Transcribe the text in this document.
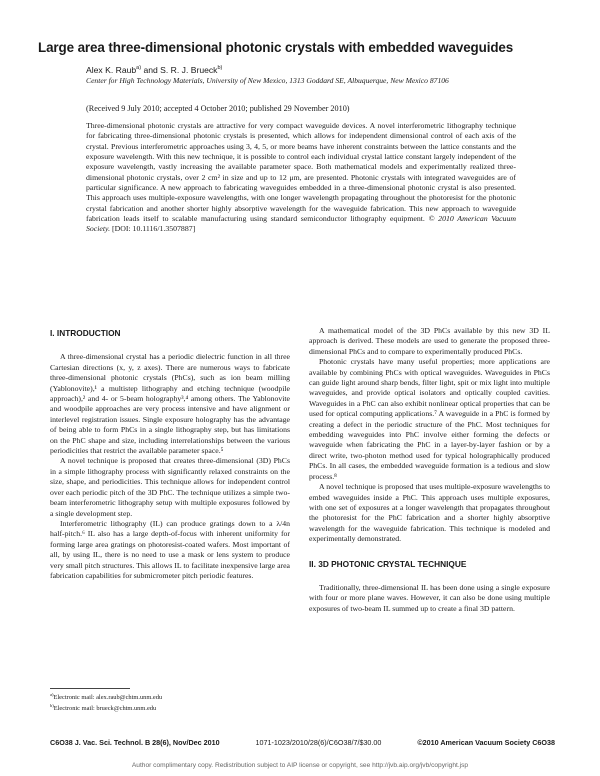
Large area three-dimensional photonic crystals with embedded waveguides
Alex K. Raub$^{a)}$ and S. R. J. Brueck$^{b)}$
Center for High Technology Materials, University of New Mexico, 1313 Goddard SE, Albuquerque, New Mexico 87106
(Received 9 July 2010; accepted 4 October 2010; published 29 November 2010)
Three-dimensional photonic crystals are attractive for very compact waveguide devices. A novel interferometric lithography technique for fabricating three-dimensional photonic crystals is presented, which allows for independent dimensional control of each axis of the crystal. Previous interferometric approaches using 3, 4, 5, or more beams have inherent constraints between the lattice constants and the exposure wavelength. With this new technique, it is possible to control each individual crystal lattice constant largely independent of the exposure wavelength, vastly increasing the available parameter space. Both mathematical models and experimentally realized three-dimensional photonic crystals, over 2 cm² in size and up to 12 μm, are presented. Photonic crystals with integrated waveguides are of particular significance. A new approach to fabricating waveguides embedded in a three-dimensional photonic crystal is also presented. This approach uses multiple-exposure wavelengths, with one longer wavelength propagating throughout the photoresist for the photonic crystal fabrication and another shorter highly absorptive wavelength for the waveguide fabrication. This new approach to waveguide fabrication leads itself to scalable manufacturing using standard semiconductor lithography equipment. © 2010 American Vacuum Society. [DOI: 10.1116/1.3507887]
I. INTRODUCTION

A three-dimensional crystal has a periodic dielectric function in all three Cartesian directions (x, y, z axes). There are numerous ways to fabricate three-dimensional photonic crystals (PhCs), such as ion beam milling (Yablonovite),¹ a multistep lithography and etching technique (woodpile approach),² and 4- or 5-beam holography³,⁴ among others. The Yablonovite and woodpile approaches are very process intensive and have alignment or interlevel registration issues. Single exposure holography has the advantage of being able to form PhCs in a single lithography step, but has limitations on the PhC shape and size, including interrelationships between the various periodicities that restrict the available parameter space.⁵

A novel technique is proposed that creates three-dimensional (3D) PhCs in a simple lithography process with significantly relaxed constraints on the size, shape, and periodicities. This technique allows for independent control over each periodic pitch of the 3D PhC. The technique utilizes a simple two-beam interferometric lithography setup with multiple exposures followed by a single development step.

Interferometric lithography (IL) can produce gratings down to a λ/4n half-pitch.⁶ IL also has a large depth-of-focus with inherent uniformity for forming large area gratings on photoresist-coated wafers. Most important of all, by using IL, there is no need to use a mask or lens system to produce very small pitch structures. This allows IL to facilitate inexpensive large area fabrication capabilities for submicrometer pitch periodic features.

A mathematical model of the 3D PhCs available by this new 3D IL approach is derived. These models are used to generate the proposed three-dimensional PhCs and to compare to experimentally produced PhCs.

Photonic crystals have many useful properties; more applications are available by combining PhCs with optical waveguides. Waveguides in PhCs can guide light around sharp bends, filter light, spit or mix light into multiple waveguides, and provide optical isolators and optically coupled cavities. Waveguides in a PhC can also exhibit nonlinear optical properties that can be used for optical computing applications.⁷ A waveguide in a PhC is formed by creating a defect in the periodic structure of the PhC. Most techniques for embedding waveguides into PhC involve either forming the defects or waveguide when fabricating the PhC in a layer-by-layer fashion or by a direct write, two-photon method used for typical holographically produced PhCs. In all cases, the embedded waveguide formation is a tedious and slow process.⁸

A novel technique is proposed that uses multiple-exposure wavelengths to embed waveguides inside a PhC. This approach uses multiple exposures, with one set of exposures at a longer wavelength that propagates throughout the photoresist for the PhC fabrication and a shorter highly absorptive wavelength for the waveguide fabrication. This technique is modeled and experimentally demonstrated.

II. 3D PHOTONIC CRYSTAL TECHNIQUE

Traditionally, three-dimensional IL has been done using a single exposure with four or more plane waves. However, it can also be done using multiple exposures of two-beam IL summed up to create a final 3D pattern.

$^{a)}$Electronic mail: alex.raub@chtm.unm.edu
$^{b)}$Electronic mail: brueck@chtm.unm.edu
C6O38 J. Vac. Sci. Technol. B 28(6), Nov/Dec 2010	1071-1023/2010/28(6)/C6O38/7/$30.00	©2010 American Vacuum Society C6O38
Author complimentary copy. Redistribution subject to AIP license or copyright, see http://jvb.aip.org/jvb/copyright.jsp
